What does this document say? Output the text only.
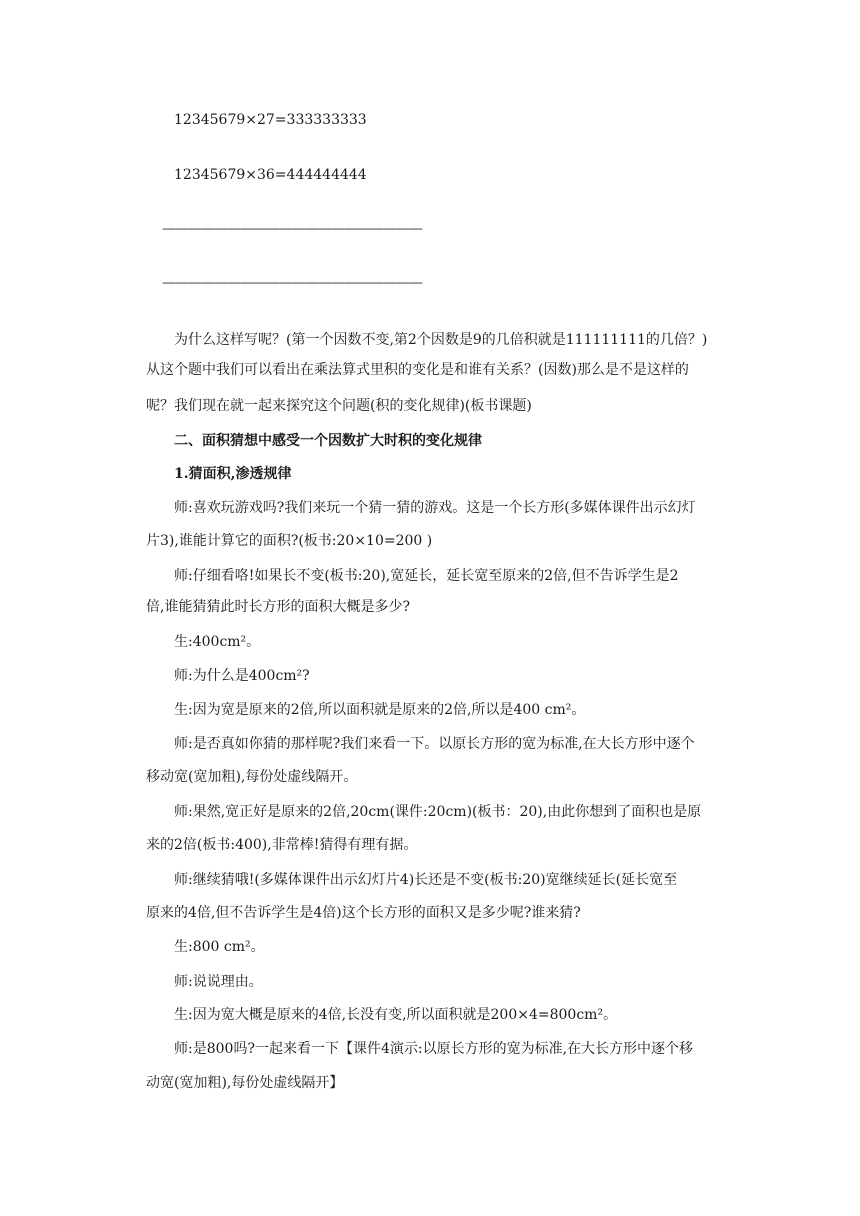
12345679×27=333333333
12345679×36=444444444
————————————————————
————————————————————
为什么这样写呢？(第一个因数不变,第2个因数是9的几倍积就是111111111的几倍？)
从这个题中我们可以看出在乘法算式里积的变化是和谁有关系？(因数)那么是不是这样的
呢？我们现在就一起来探究这个问题(积的变化规律)(板书课题)
二、面积猜想中感受一个因数扩大时积的变化规律
1.猜面积,渗透规律
师:喜欢玩游戏吗?我们来玩一个猜一猜的游戏。这是一个长方形(多媒体课件出示幻灯
片3),谁能计算它的面积?(板书:20×10=200 )
师:仔细看咯!如果长不变(板书:20),宽延长，延长宽至原来的2倍,但不告诉学生是2
倍,谁能猜猜此时长方形的面积大概是多少?
生:400cm²。
师:为什么是400cm²?
生:因为宽是原来的2倍,所以面积就是原来的2倍,所以是400 cm²。
师:是否真如你猜的那样呢?我们来看一下。以原长方形的宽为标准,在大长方形中逐个
移动宽(宽加粗),每份处虚线隔开。
师:果然,宽正好是原来的2倍,20cm(课件:20cm)(板书：20),由此你想到了面积也是原
来的2倍(板书:400),非常棒!猜得有理有据。
师:继续猜哦!(多媒体课件出示幻灯片4)长还是不变(板书:20)宽继续延长(延长宽至
原来的4倍,但不告诉学生是4倍)这个长方形的面积又是多少呢?谁来猜?
生:800 cm²。
师:说说理由。
生:因为宽大概是原来的4倍,长没有变,所以面积就是200×4=800cm²。
师:是800吗?一起来看一下【课件4演示:以原长方形的宽为标准,在大长方形中逐个移
动宽(宽加粗),每份处虚线隔开】
